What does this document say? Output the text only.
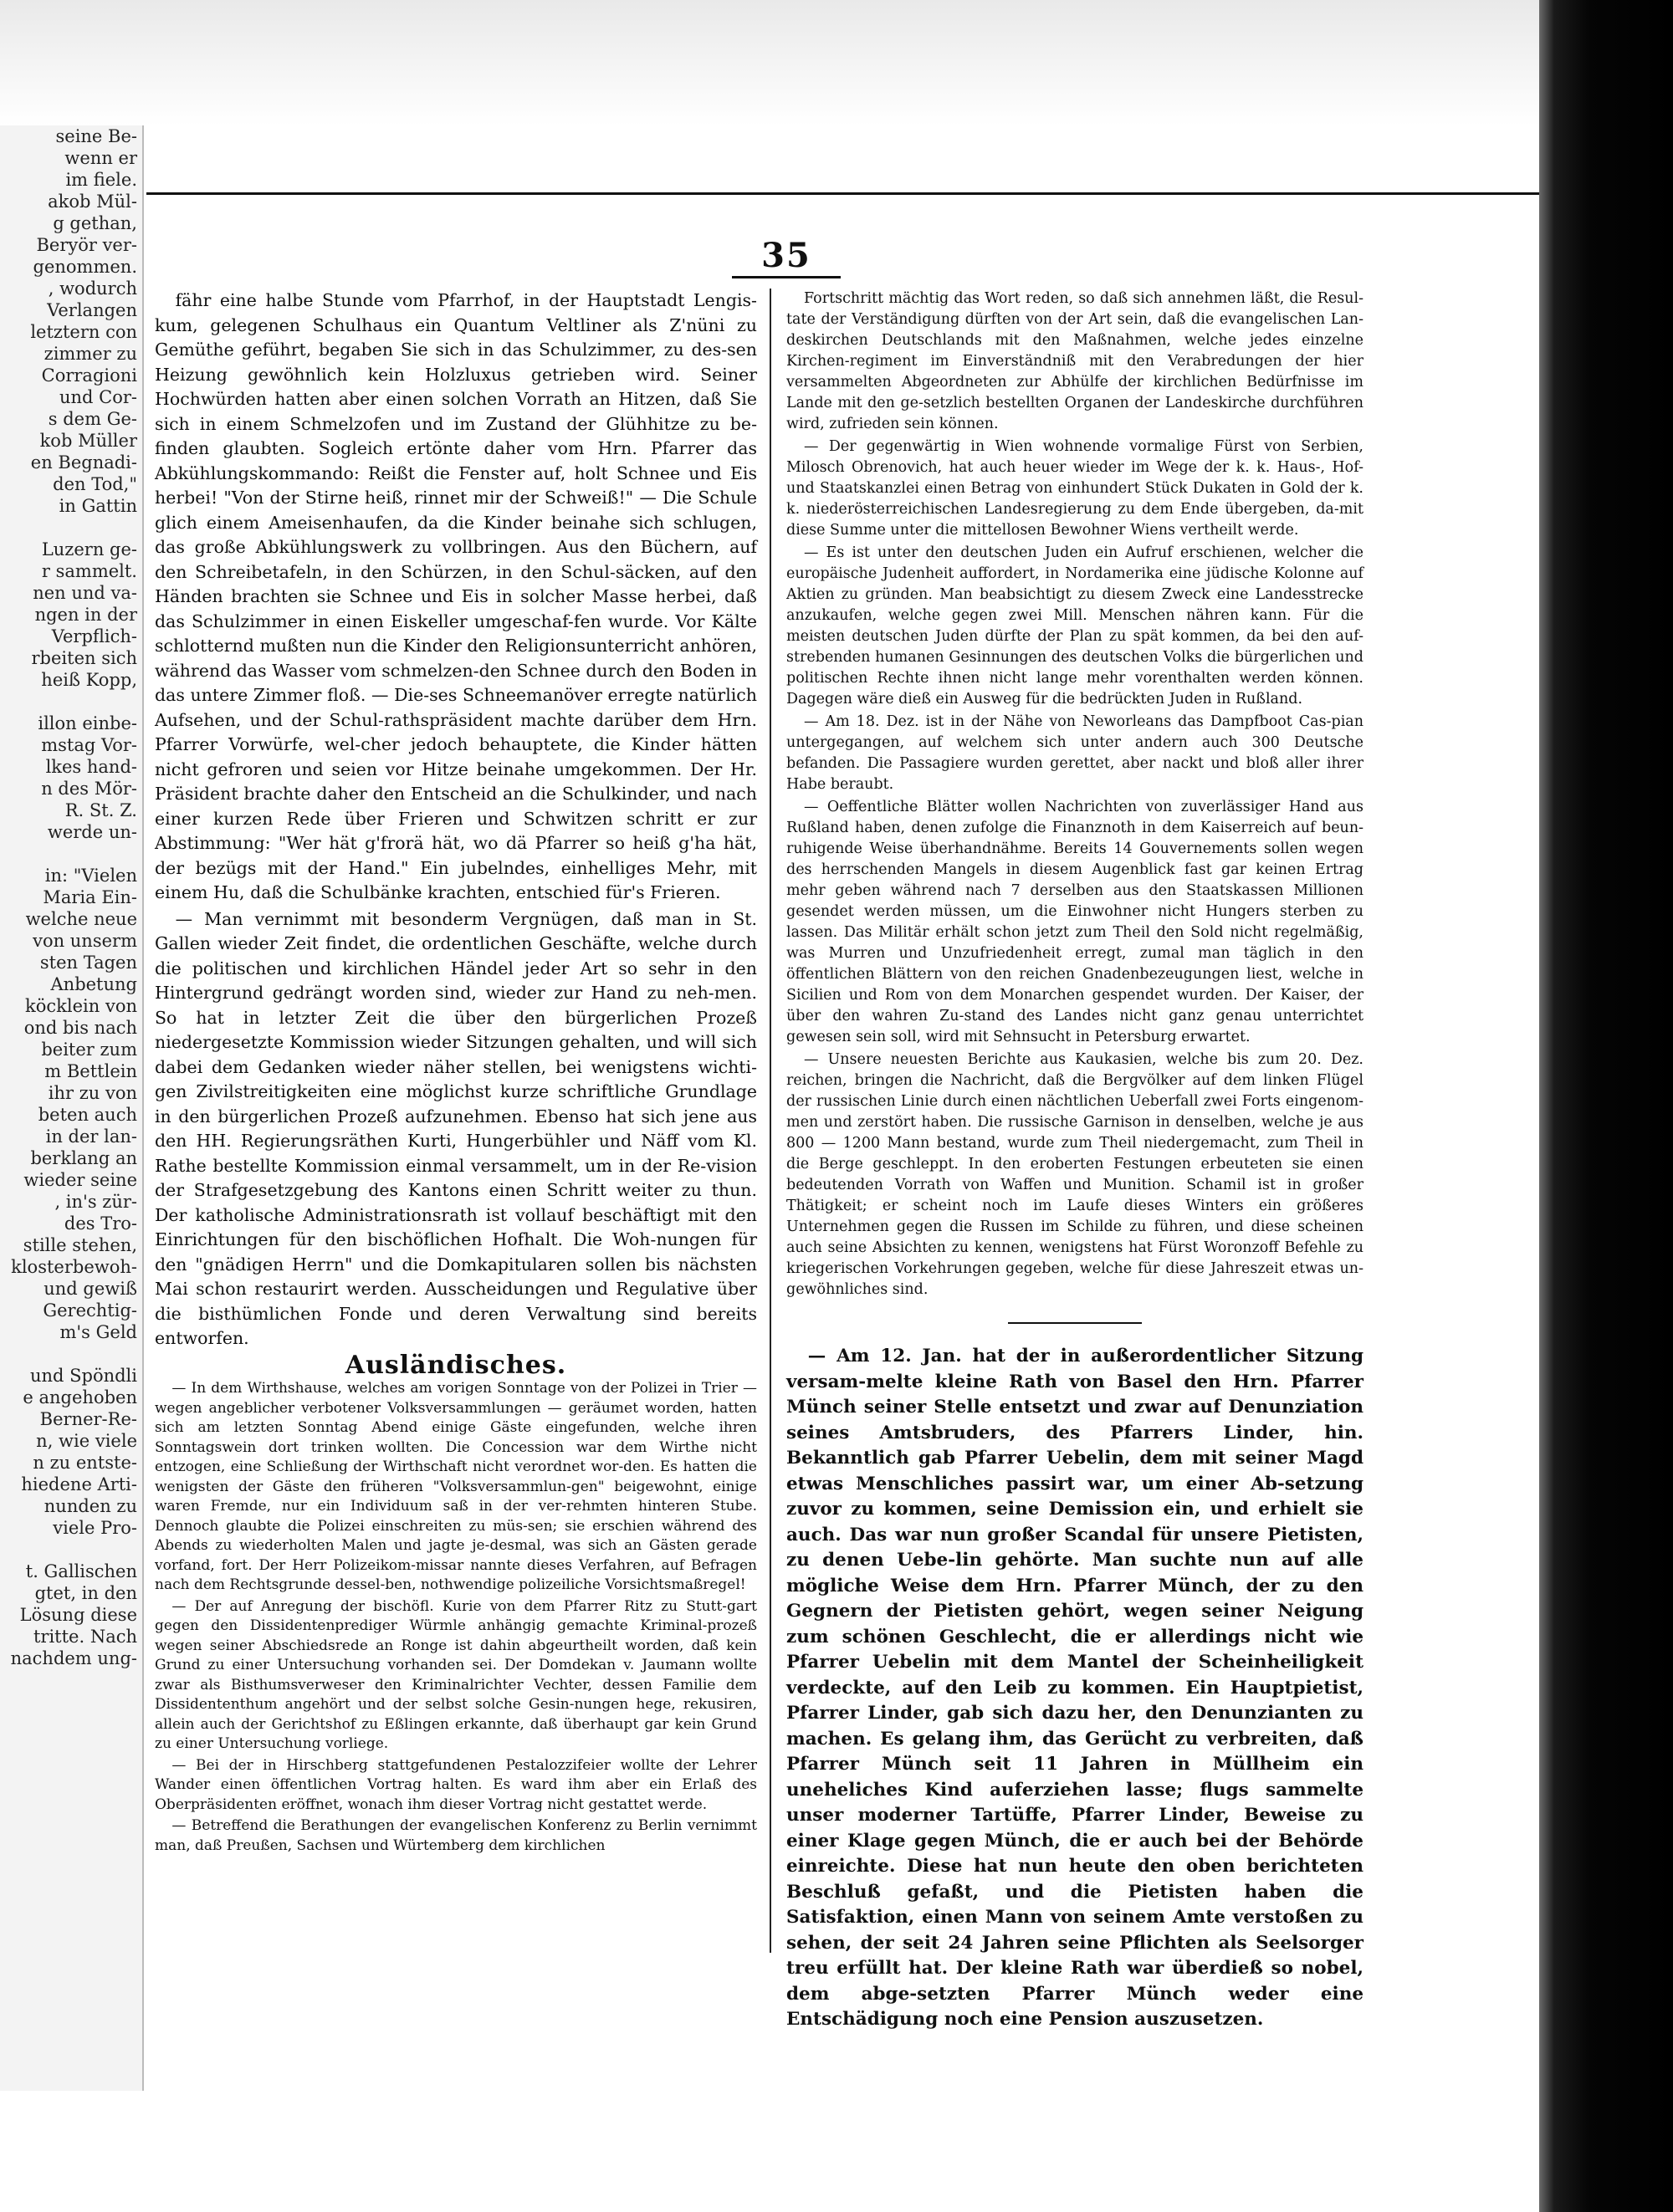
seine Be-

wenn er

im fiele.

akob Mül-

g gethan,

Beryör ver-

genommen.

, wodurch

Verlangen

letztern con

zimmer zu

Corragioni

und Cor-

s dem Ge-

kob Müller

en Begnadi-

den Tod,"

in Gattin

Luzern ge-

r sammelt.

nen und va-

ngen in der

Verpflich-

rbeiten sich

heiß Kopp,

illon einbe-

mstag Vor-

lkes hand-

n des Mör-

R. St. Z.

werde un-

in: "Vielen

Maria Ein-

welche neue

von unserm

sten Tagen

Anbetung

köcklein von

ond bis nach

beiter zum

m Bettlein

ihr zu von

beten auch

in der lan-

berklang an

wieder seine

, in's zür-

des Tro-

stille stehen,

klosterbewoh-

und gewiß

Gerechtig-

m's Geld

und Spöndli

e angehoben

Berner-Re-

n, wie viele

n zu entste-

hiedene Arti-

nunden zu

viele Pro-

t. Gallischen

gtet, in den

Lösung diese

tritte. Nach

nachdem ung-

35

fähr eine halbe Stunde vom Pfarrhof, in der Hauptstadt Lengis-kum, gelegenen Schulhaus ein Quantum Veltliner als Z'nüni zu Gemüthe geführt, begaben Sie sich in das Schulzimmer, zu des-sen Heizung gewöhnlich kein Holzluxus getrieben wird. Seiner Hochwürden hatten aber einen solchen Vorrath an Hitzen, daß Sie sich in einem Schmelzofen und im Zustand der Glühhitze zu be-finden glaubten. Sogleich ertönte daher vom Hrn. Pfarrer das Abkühlungskommando: Reißt die Fenster auf, holt Schnee und Eis herbei! "Von der Stirne heiß, rinnet mir der Schweiß!" — Die Schule glich einem Ameisenhaufen, da die Kinder beinahe sich schlugen, das große Abkühlungswerk zu vollbringen. Aus den Büchern, auf den Schreibetafeln, in den Schürzen, in den Schul-säcken, auf den Händen brachten sie Schnee und Eis in solcher Masse herbei, daß das Schulzimmer in einen Eiskeller umgeschaf-fen wurde. Vor Kälte schlotternd mußten nun die Kinder den Religionsunterricht anhören, während das Wasser vom schmelzen-den Schnee durch den Boden in das untere Zimmer floß. — Die-ses Schneemanöver erregte natürlich Aufsehen, und der Schul-rathspräsident machte darüber dem Hrn. Pfarrer Vorwürfe, wel-cher jedoch behauptete, die Kinder hätten nicht gefroren und seien vor Hitze beinahe umgekommen. Der Hr. Präsident brachte daher den Entscheid an die Schulkinder, und nach einer kurzen Rede über Frieren und Schwitzen schritt er zur Abstimmung: "Wer hät g'frorä hät, wo dä Pfarrer so heiß g'ha hät, der bezügs mit der Hand." Ein jubelndes, einhelliges Mehr, mit einem Hu, daß die Schulbänke krachten, entschied für's Frieren.

— Man vernimmt mit besonderm Vergnügen, daß man in St. Gallen wieder Zeit findet, die ordentlichen Geschäfte, welche durch die politischen und kirchlichen Händel jeder Art so sehr in den Hintergrund gedrängt worden sind, wieder zur Hand zu neh-men. So hat in letzter Zeit die über den bürgerlichen Prozeß niedergesetzte Kommission wieder Sitzungen gehalten, und will sich dabei dem Gedanken wieder näher stellen, bei wenigstens wichti-gen Zivilstreitigkeiten eine möglichst kurze schriftliche Grundlage in den bürgerlichen Prozeß aufzunehmen. Ebenso hat sich jene aus den HH. Regierungsräthen Kurti, Hungerbühler und Näff vom Kl. Rathe bestellte Kommission einmal versammelt, um in der Re-vision der Strafgesetzgebung des Kantons einen Schritt weiter zu thun. Der katholische Administrationsrath ist vollauf beschäftigt mit den Einrichtungen für den bischöflichen Hofhalt. Die Woh-nungen für den "gnädigen Herrn" und die Domkapitularen sollen bis nächsten Mai schon restaurirt werden. Ausscheidungen und Regulative über die bisthümlichen Fonde und deren Verwaltung sind bereits entworfen.

Ausländisches.

— In dem Wirthshause, welches am vorigen Sonntage von der Polizei in Trier — wegen angeblicher verbotener Volksversammlungen — geräumet worden, hatten sich am letzten Sonntag Abend einige Gäste eingefunden, welche ihren Sonntagswein dort trinken wollten. Die Concession war dem Wirthe nicht entzogen, eine Schließung der Wirthschaft nicht verordnet wor-den. Es hatten die wenigsten der Gäste den früheren "Volksversammlun-gen" beigewohnt, einige waren Fremde, nur ein Individuum saß in der ver-rehmten hinteren Stube. Dennoch glaubte die Polizei einschreiten zu müs-sen; sie erschien während des Abends zu wiederholten Malen und jagte je-desmal, was sich an Gästen gerade vorfand, fort. Der Herr Polizeikom-missar nannte dieses Verfahren, auf Befragen nach dem Rechtsgrunde dessel-ben, nothwendige polizeiliche Vorsichtsmaßregel!

— Der auf Anregung der bischöfl. Kurie von dem Pfarrer Ritz zu Stutt-gart gegen den Dissidentenprediger Würmle anhängig gemachte Kriminal-prozeß wegen seiner Abschiedsrede an Ronge ist dahin abgeurtheilt worden, daß kein Grund zu einer Untersuchung vorhanden sei. Der Domdekan v. Jaumann wollte zwar als Bisthumsverweser den Kriminalrichter Vechter, dessen Familie dem Dissidententhum angehört und der selbst solche Gesin-nungen hege, rekusiren, allein auch der Gerichtshof zu Eßlingen erkannte, daß überhaupt gar kein Grund zu einer Untersuchung vorliege.

— Bei der in Hirschberg stattgefundenen Pestalozzifeier wollte der Lehrer Wander einen öffentlichen Vortrag halten. Es ward ihm aber ein Erlaß des Oberpräsidenten eröffnet, wonach ihm dieser Vortrag nicht gestattet werde.

— Betreffend die Berathungen der evangelischen Konferenz zu Berlin vernimmt man, daß Preußen, Sachsen und Würtemberg dem kirchlichen

Fortschritt mächtig das Wort reden, so daß sich annehmen läßt, die Resul-tate der Verständigung dürften von der Art sein, daß die evangelischen Lan-deskirchen Deutschlands mit den Maßnahmen, welche jedes einzelne Kirchen-regiment im Einverständniß mit den Verabredungen der hier versammelten Abgeordneten zur Abhülfe der kirchlichen Bedürfnisse im Lande mit den ge-setzlich bestellten Organen der Landeskirche durchführen wird, zufrieden sein können.

— Der gegenwärtig in Wien wohnende vormalige Fürst von Serbien, Milosch Obrenovich, hat auch heuer wieder im Wege der k. k. Haus-, Hof- und Staatskanzlei einen Betrag von einhundert Stück Dukaten in Gold der k. k. niederösterreichischen Landesregierung zu dem Ende übergeben, da-mit diese Summe unter die mittellosen Bewohner Wiens vertheilt werde.

— Es ist unter den deutschen Juden ein Aufruf erschienen, welcher die europäische Judenheit auffordert, in Nordamerika eine jüdische Kolonne auf Aktien zu gründen. Man beabsichtigt zu diesem Zweck eine Landesstrecke anzukaufen, welche gegen zwei Mill. Menschen nähren kann. Für die meisten deutschen Juden dürfte der Plan zu spät kommen, da bei den auf-strebenden humanen Gesinnungen des deutschen Volks die bürgerlichen und politischen Rechte ihnen nicht lange mehr vorenthalten werden können. Dagegen wäre dieß ein Ausweg für die bedrückten Juden in Rußland.

— Am 18. Dez. ist in der Nähe von Neworleans das Dampfboot Cas-pian untergegangen, auf welchem sich unter andern auch 300 Deutsche befanden. Die Passagiere wurden gerettet, aber nackt und bloß aller ihrer Habe beraubt.

— Oeffentliche Blätter wollen Nachrichten von zuverlässiger Hand aus Rußland haben, denen zufolge die Finanznoth in dem Kaiserreich auf beun-ruhigende Weise überhandnähme. Bereits 14 Gouvernements sollen wegen des herrschenden Mangels in diesem Augenblick fast gar keinen Ertrag mehr geben während nach 7 derselben aus den Staatskassen Millionen gesendet werden müssen, um die Einwohner nicht Hungers sterben zu lassen. Das Militär erhält schon jetzt zum Theil den Sold nicht regelmäßig, was Murren und Unzufriedenheit erregt, zumal man täglich in den öffentlichen Blättern von den reichen Gnadenbezeugungen liest, welche in Sicilien und Rom von dem Monarchen gespendet wurden. Der Kaiser, der über den wahren Zu-stand des Landes nicht ganz genau unterrichtet gewesen sein soll, wird mit Sehnsucht in Petersburg erwartet.

— Unsere neuesten Berichte aus Kaukasien, welche bis zum 20. Dez. reichen, bringen die Nachricht, daß die Bergvölker auf dem linken Flügel der russischen Linie durch einen nächtlichen Ueberfall zwei Forts eingenom-men und zerstört haben. Die russische Garnison in denselben, welche je aus 800 — 1200 Mann bestand, wurde zum Theil niedergemacht, zum Theil in die Berge geschleppt. In den eroberten Festungen erbeuteten sie einen bedeutenden Vorrath von Waffen und Munition. Schamil ist in großer Thätigkeit; er scheint noch im Laufe dieses Winters ein größeres Unternehmen gegen die Russen im Schilde zu führen, und diese scheinen auch seine Absichten zu kennen, wenigstens hat Fürst Woronzoff Befehle zu kriegerischen Vorkehrungen gegeben, welche für diese Jahreszeit etwas un-gewöhnliches sind.

— Am 12. Jan. hat der in außerordentlicher Sitzung versam-melte kleine Rath von Basel den Hrn. Pfarrer Münch seiner Stelle entsetzt und zwar auf Denunziation seines Amtsbruders, des Pfarrers Linder, hin. Bekanntlich gab Pfarrer Uebelin, dem mit seiner Magd etwas Menschliches passirt war, um einer Ab-setzung zuvor zu kommen, seine Demission ein, und erhielt sie auch. Das war nun großer Scandal für unsere Pietisten, zu denen Uebe-lin gehörte. Man suchte nun auf alle mögliche Weise dem Hrn. Pfarrer Münch, der zu den Gegnern der Pietisten gehört, wegen seiner Neigung zum schönen Geschlecht, die er allerdings nicht wie Pfarrer Uebelin mit dem Mantel der Scheinheiligkeit verdeckte, auf den Leib zu kommen. Ein Hauptpietist, Pfarrer Linder, gab sich dazu her, den Denunzianten zu machen. Es gelang ihm, das Gerücht zu verbreiten, daß Pfarrer Münch seit 11 Jahren in Müllheim ein uneheliches Kind auferziehen lasse; flugs sammelte unser moderner Tartüffe, Pfarrer Linder, Beweise zu einer Klage gegen Münch, die er auch bei der Behörde einreichte. Diese hat nun heute den oben berichteten Beschluß gefaßt, und die Pietisten haben die Satisfaktion, einen Mann von seinem Amte verstoßen zu sehen, der seit 24 Jahren seine Pflichten als Seelsorger treu erfüllt hat. Der kleine Rath war überdieß so nobel, dem abge-setzten Pfarrer Münch weder eine Entschädigung noch eine Pension auszusetzen.
